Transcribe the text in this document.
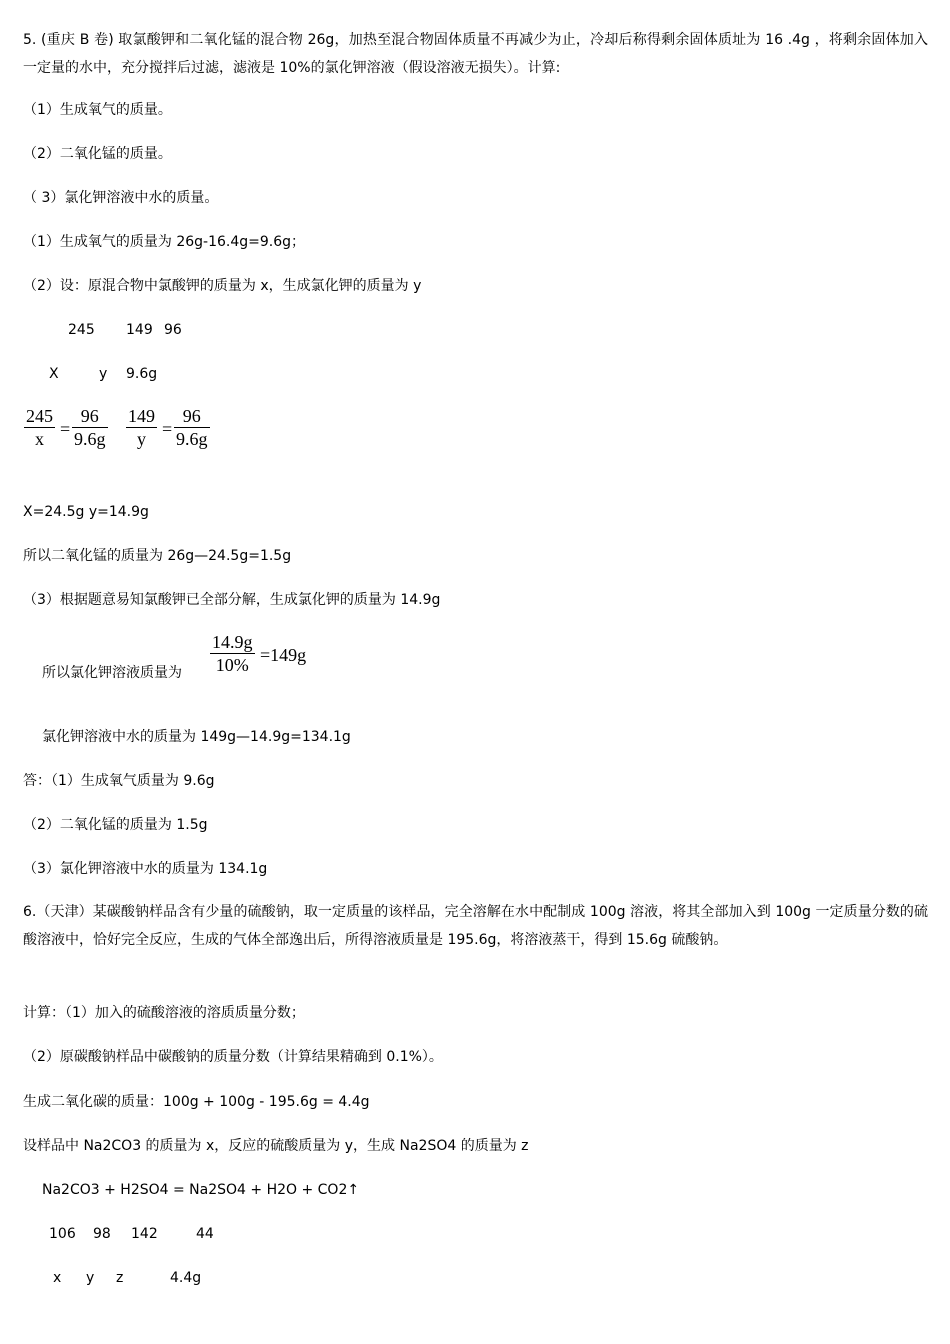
5. (重庆 B 卷) 取氯酸钾和二氧化锰的混合物 26g，加热至混合物固体质量不再减少为止，冷却后称得剩余固体质址为 16 .4g ，将剩余固体加入一定量的水中，充分搅拌后过滤，滤液是 10%的氯化钾溶液（假设溶液无损失）。计算:
（1）生成氧气的质量。
（2）二氧化锰的质量。
（ 3）氯化钾溶液中水的质量。
（1）生成氧气的质量为 26g-16.4g=9.6g；
（2）设：原混合物中氯酸钾的质量为 x，生成氯化钾的质量为 y
245 149 96
X	y 9.6g
245
x =
96
9.6g
149
y =
96
9.6g
X=24.5g y=14.9g
所以二氧化锰的质量为 26g—24.5g=1.5g
（3）根据题意易知氯酸钾已全部分解，生成氯化钾的质量为 14.9g
所以氯化钾溶液质量为
14.9g
10% =149g
氯化钾溶液中水的质量为 149g—14.9g=134.1g
答：（1）生成氧气质量为 9.6g
（2）二氧化锰的质量为 1.5g
（3）氯化钾溶液中水的质量为 134.1g
6.（天津）某碳酸钠样品含有少量的硫酸钠，取一定质量的该样品，完全溶解在水中配制成 100g 溶液，将其全部加入到 100g 一定质量分数的硫酸溶液中，恰好完全反应，生成的气体全部逸出后，所得溶液质量是 195.6g，将溶液蒸干，得到 15.6g 硫酸钠。
计算：（1）加入的硫酸溶液的溶质质量分数；
（2）原碳酸钠样品中碳酸钠的质量分数（计算结果精确到 0.1%）。
生成二氧化碳的质量：100g + 100g - 195.6g = 4.4g
设样品中 Na2CO3 的质量为 x，反应的硫酸质量为 y，生成 Na2SO4 的质量为 z
Na2CO3 + H2SO4 = Na2SO4 + H2O + CO2↑
106 98 142	44
x y z	4.4g
